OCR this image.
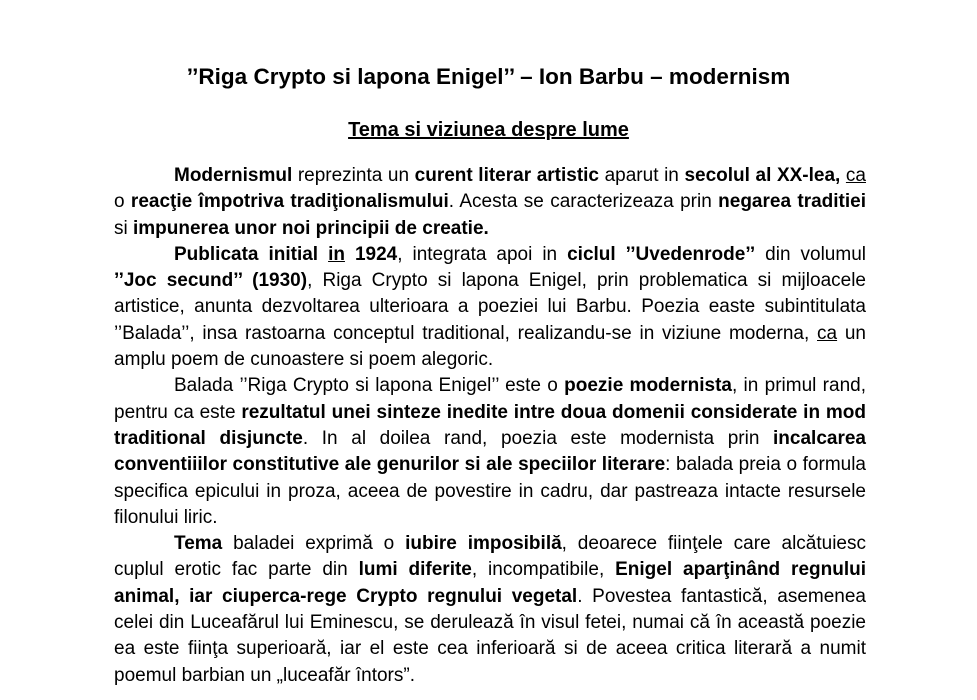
’’Riga Crypto si lapona Enigel’’ – Ion Barbu – modernism
Tema si viziunea despre lume

Modernismul reprezinta un curent literar artistic aparut in secolul al XX-lea, ca o reacţie împotriva tradiţionalismului. Acesta se caracterizeaza prin negarea traditiei si impunerea unor noi principii de creatie.

Publicata initial in 1924, integrata apoi in ciclul ’’Uvedenrode’’ din volumul ’’Joc secund’’ (1930), Riga Crypto si lapona Enigel, prin problematica si mijloacele artistice, anunta dezvoltarea ulterioara a poeziei lui Barbu. Poezia easte subintitulata ’’Balada’’, insa rastoarna conceptul traditional, realizandu-se in viziune moderna, ca un amplu poem de cunoastere si poem alegoric.

Balada ’’Riga Crypto si lapona Enigel’’ este o poezie modernista, in primul rand, pentru ca este rezultatul unei sinteze inedite intre doua domenii considerate in mod traditional disjuncte. In al doilea rand, poezia este modernista prin incalcarea conventiiilor constitutive ale genurilor si ale speciilor literare: balada preia o formula specifica epicului in proza, aceea de povestire in cadru, dar pastreaza intacte resursele filonului liric.

Tema baladei exprimă o iubire imposibilă, deoarece fiinţele care alcătuiesc cuplul erotic fac parte din lumi diferite, incompatibile, Enigel aparţinând regnului animal, iar ciuperca-rege Crypto regnului vegetal. Povestea fantastică, asemenea celei din Luceafărul lui Eminescu, se derulează în visul fetei, numai că în această poezie ea este fiinţa superioară, iar el este cea inferioară si de aceea critica literară a numit poemul barbian un „luceafăr întors”.
